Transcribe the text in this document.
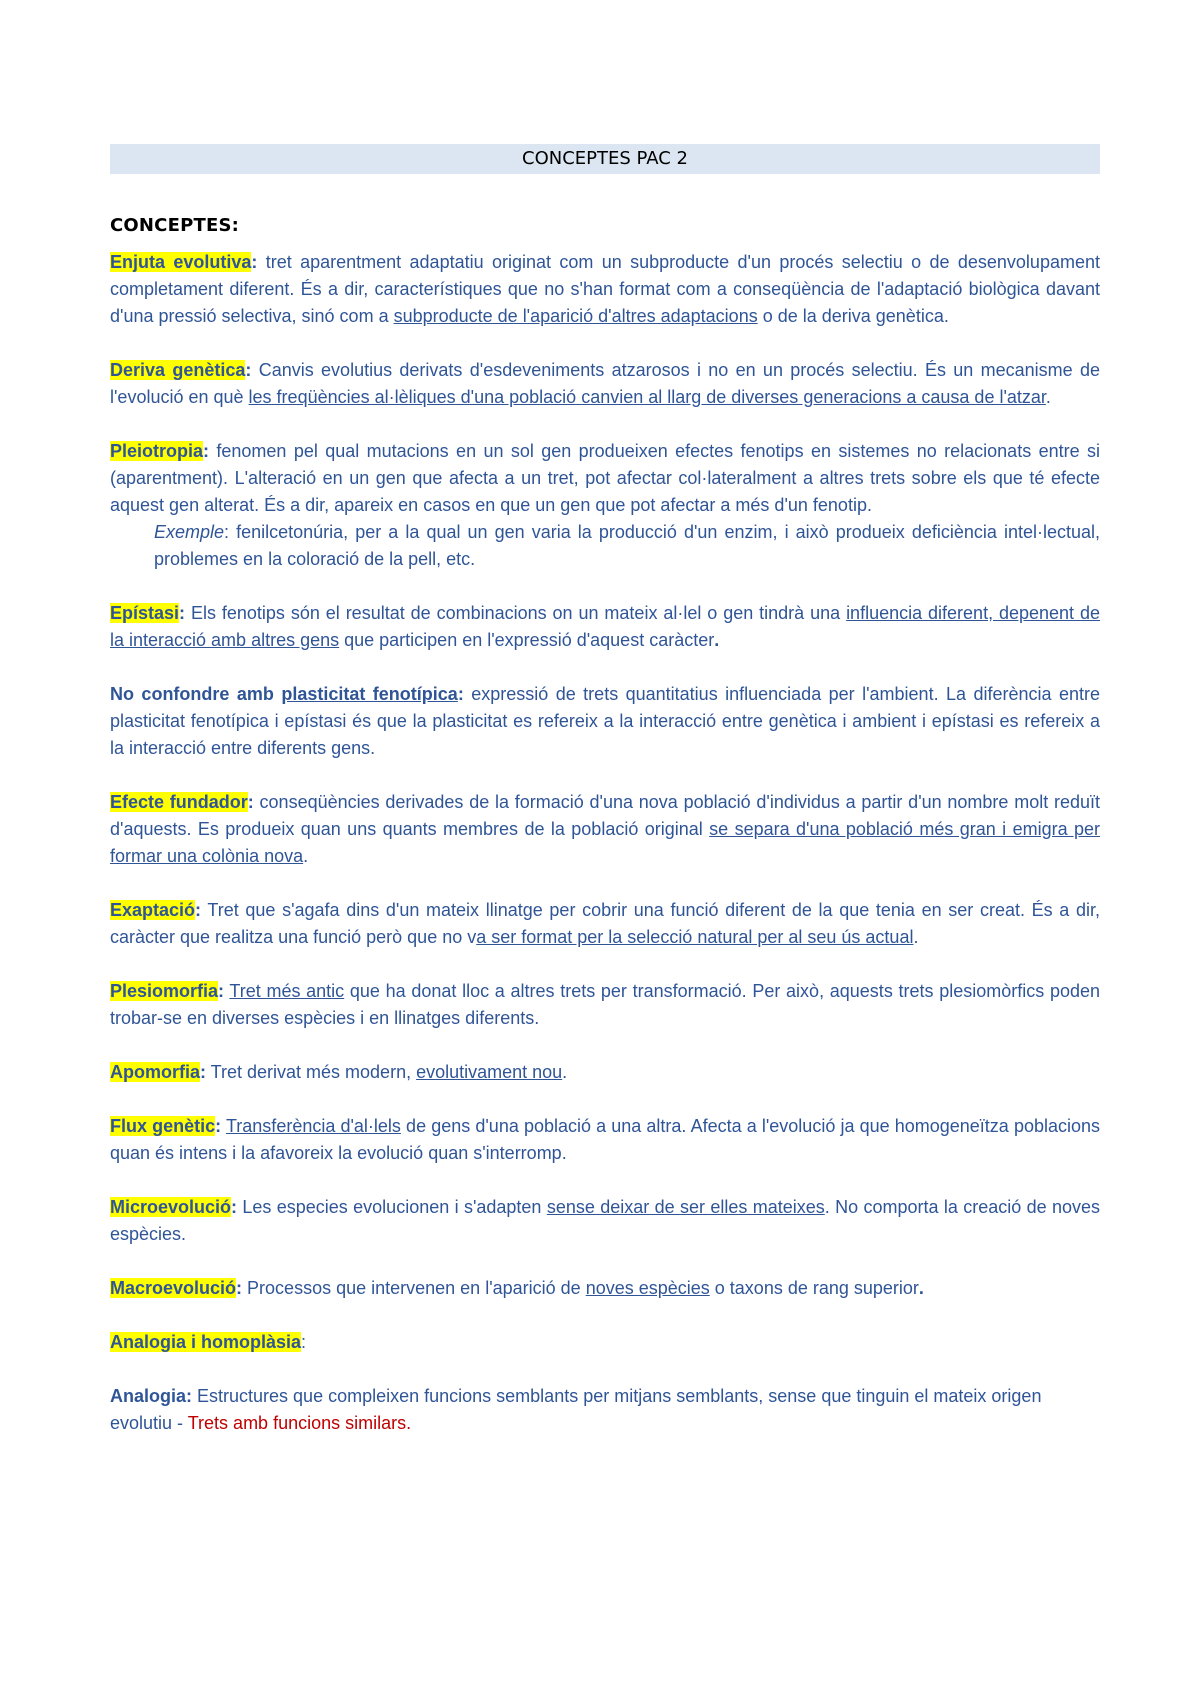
CONCEPTES PAC 2
CONCEPTES:

Enjuta evolutiva: tret aparentment adaptatiu originat com un subproducte d'un procés selectiu o de desenvolupament completament diferent. És a dir, característiques que no s'han format com a conseqüència de l'adaptació biològica davant d'una pressió selectiva, sinó com a subproducte de l'aparició d'altres adaptacions o de la deriva genètica.

Deriva genètica: Canvis evolutius derivats d'esdeveniments atzarosos i no en un procés selectiu. És un mecanisme de l'evolució en què les freqüències al·lèliques d'una població canvien al llarg de diverses generacions a causa de l'atzar.

Pleiotropia: fenomen pel qual mutacions en un sol gen produeixen efectes fenotips en sistemes no relacionats entre si (aparentment). L'alteració en un gen que afecta a un tret, pot afectar col·lateralment a altres trets sobre els que té efecte aquest gen alterat. És a dir, apareix en casos en que un gen que pot afectar a més d'un fenotip.
Exemple: fenilcetonúria, per a la qual un gen varia la producció d'un enzim, i això produeix deficiència intel·lectual, problemes en la coloració de la pell, etc.

Epístasi: Els fenotips són el resultat de combinacions on un mateix al·lel o gen tindrà una influencia diferent, depenent de la interacció amb altres gens que participen en l'expressió d'aquest caràcter.

No confondre amb plasticitat fenotípica: expressió de trets quantitatius influenciada per l'ambient. La diferència entre plasticitat fenotípica i epístasi és que la plasticitat es refereix a la interacció entre genètica i ambient i epístasi es refereix a la interacció entre diferents gens.

Efecte fundador: conseqüències derivades de la formació d'una nova població d'individus a partir d'un nombre molt reduït d'aquests. Es produeix quan uns quants membres de la població original se separa d'una població més gran i emigra per formar una colònia nova.

Exaptació: Tret que s'agafa dins d'un mateix llinatge per cobrir una funció diferent de la que tenia en ser creat. És a dir, caràcter que realitza una funció però que no va ser format per la selecció natural per al seu ús actual.

Plesiomorfia: Tret més antic que ha donat lloc a altres trets per transformació. Per això, aquests trets plesiomòrfics poden trobar-se en diverses espècies i en llinatges diferents.

Apomorfia: Tret derivat més modern, evolutivament nou.

Flux genètic: Transferència d'al·lels de gens d'una població a una altra. Afecta a l'evolució ja que homogeneïtza poblacions quan és intens i la afavoreix la evolució quan s'interromp.

Microevolució: Les especies evolucionen i s'adapten sense deixar de ser elles mateixes. No comporta la creació de noves espècies.

Macroevolució: Processos que intervenen en l'aparició de noves espècies o taxons de rang superior.

Analogia i homoplàsia:

Analogia: Estructures que compleixen funcions semblants per mitjans semblants, sense que tinguin el mateix origen evolutiu - Trets amb funcions similars.
